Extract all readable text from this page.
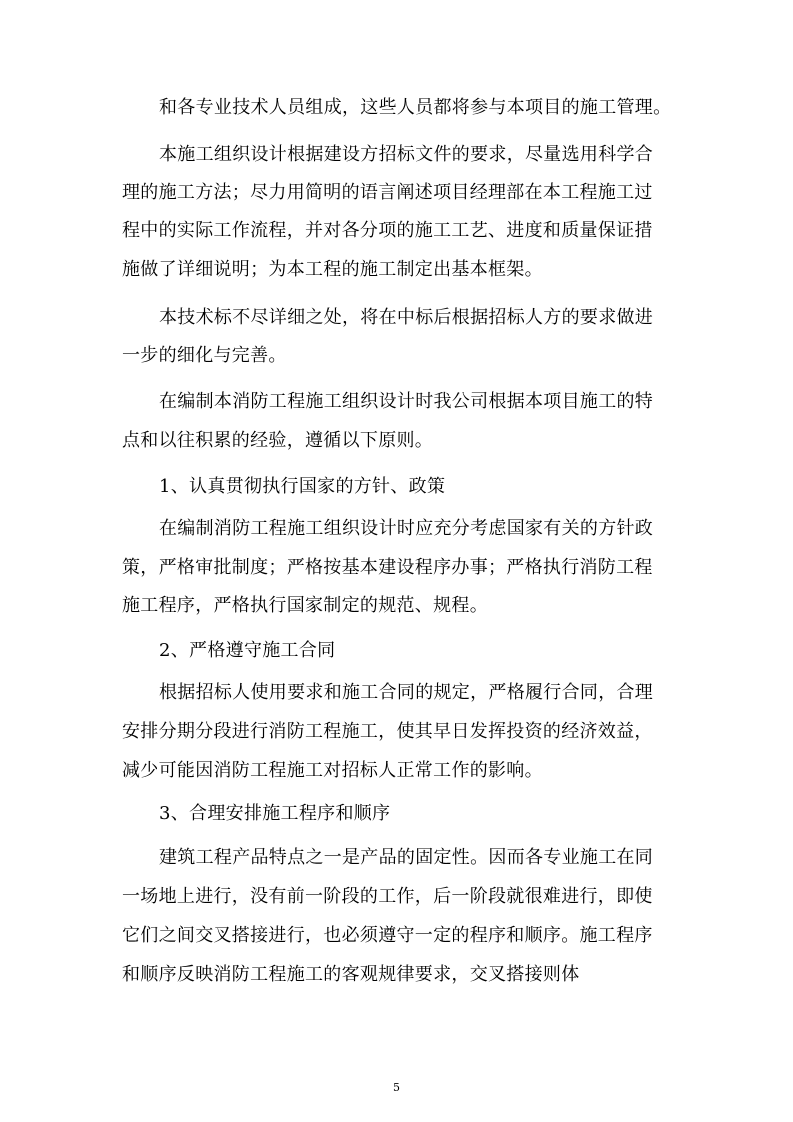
和各专业技术人员组成，这些人员都将参与本项目的施工管理。

本施工组织设计根据建设方招标文件的要求，尽量选用科学合

理的施工方法；尽力用简明的语言阐述项目经理部在本工程施工过

程中的实际工作流程，并对各分项的施工工艺、进度和质量保证措

施做了详细说明；为本工程的施工制定出基本框架。

本技术标不尽详细之处，将在中标后根据招标人方的要求做进

一步的细化与完善。

在编制本消防工程施工组织设计时我公司根据本项目施工的特

点和以往积累的经验，遵循以下原则。

1、认真贯彻执行国家的方针、政策

在编制消防工程施工组织设计时应充分考虑国家有关的方针政

策，严格审批制度；严格按基本建设程序办事；严格执行消防工程

施工程序，严格执行国家制定的规范、规程。

2、严格遵守施工合同

根据招标人使用要求和施工合同的规定，严格履行合同，合理

安排分期分段进行消防工程施工，使其早日发挥投资的经济效益，

减少可能因消防工程施工对招标人正常工作的影响。

3、合理安排施工程序和顺序

建筑工程产品特点之一是产品的固定性。因而各专业施工在同

一场地上进行，没有前一阶段的工作，后一阶段就很难进行，即使

它们之间交叉搭接进行，也必须遵守一定的程序和顺序。施工程序

和顺序反映消防工程施工的客观规律要求，交叉搭接则体

5
